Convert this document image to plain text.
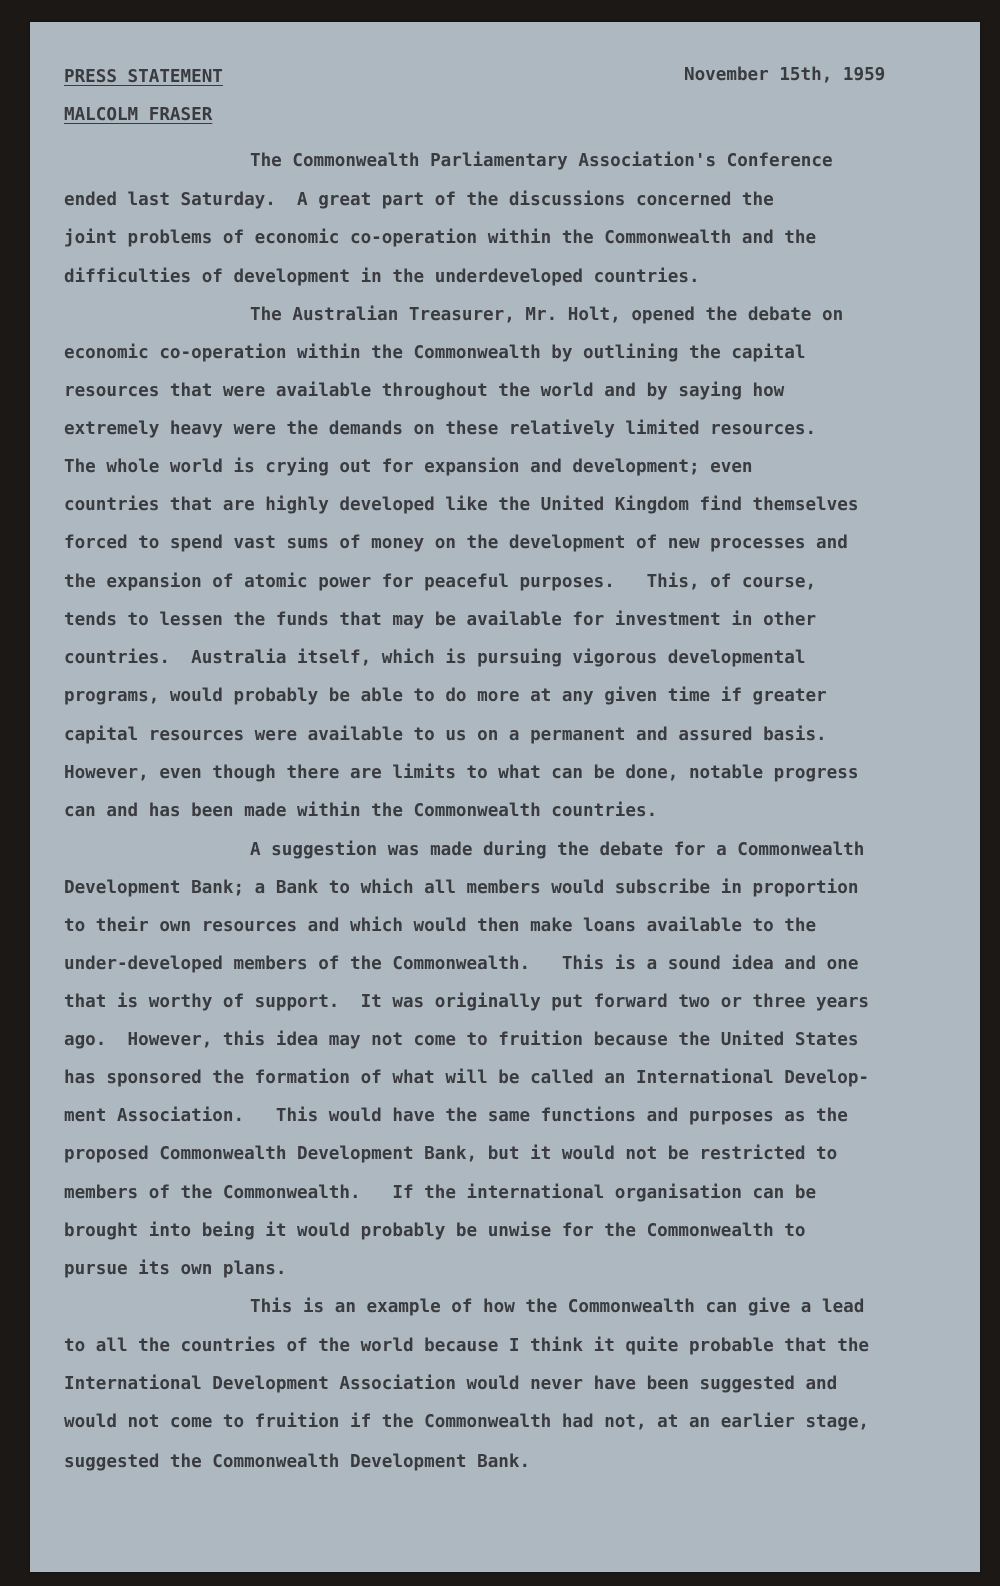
PRESS STATEMENT
MALCOLM FRASER
November 15th, 1959
The Commonwealth Parliamentary Association's Conference
ended last Saturday.  A great part of the discussions concerned the
joint problems of economic co-operation within the Commonwealth and the
difficulties of development in the underdeveloped countries.
The Australian Treasurer, Mr. Holt, opened the debate on
economic co-operation within the Commonwealth by outlining the capital
resources that were available throughout the world and by saying how
extremely heavy were the demands on these relatively limited resources.
The whole world is crying out for expansion and development; even
countries that are highly developed like the United Kingdom find themselves
forced to spend vast sums of money on the development of new processes and
the expansion of atomic power for peaceful purposes.   This, of course,
tends to lessen the funds that may be available for investment in other
countries.  Australia itself, which is pursuing vigorous developmental
programs, would probably be able to do more at any given time if greater
capital resources were available to us on a permanent and assured basis.
However, even though there are limits to what can be done, notable progress
can and has been made within the Commonwealth countries.
A suggestion was made during the debate for a Commonwealth
Development Bank; a Bank to which all members would subscribe in proportion
to their own resources and which would then make loans available to the
under-developed members of the Commonwealth.   This is a sound idea and one
that is worthy of support.  It was originally put forward two or three years
ago.  However, this idea may not come to fruition because the United States
has sponsored the formation of what will be called an International Develop-
ment Association.   This would have the same functions and purposes as the
proposed Commonwealth Development Bank, but it would not be restricted to
members of the Commonwealth.   If the international organisation can be
brought into being it would probably be unwise for the Commonwealth to
pursue its own plans.
This is an example of how the Commonwealth can give a lead
to all the countries of the world because I think it quite probable that the
International Development Association would never have been suggested and
would not come to fruition if the Commonwealth had not, at an earlier stage,
suggested the Commonwealth Development Bank.
